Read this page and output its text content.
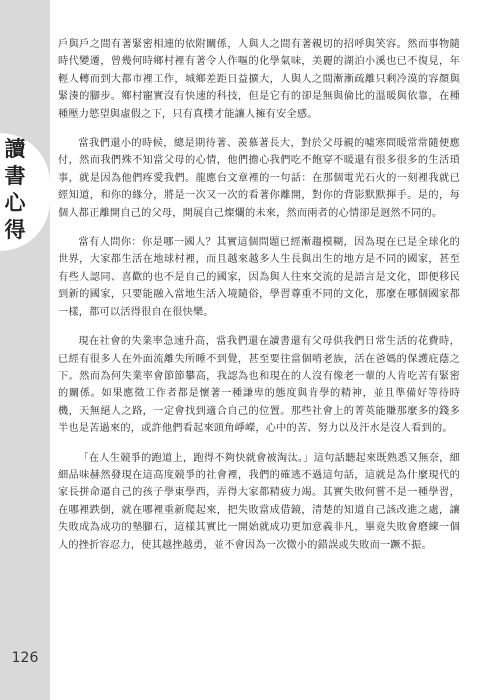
讀
書
心
得
126

戶與戶之間有著緊密相連的依附關係，人與人之間有著親切的招呼與笑容。然而事物隨時代變遷，曾幾何時鄉村裡有著令人作嘔的化學氣味，美麗的湖泊小溪也已不復見，年輕人轉而到大都市裡工作，城鄉差距日益擴大，人與人之間漸漸疏離只剩冷漠的容顏與緊湊的腳步。鄉村寵實沒有快速的科技，但是它有的卻是無與倫比的溫暖與依靠，在種種壓力慾望與虛假之下，只有真樸才能讓人擁有安全感。

當我們還小的時候，總是期待著、羨慕著長大，對於父母親的噓寒問暖常常隨便應付，然而我們殊不知當父母的心情，他們擔心我們吃不飽穿不暖還有很多很多的生活瑣事，就是因為他們疼愛我們。龍應台文章裡的一句話：在那個電光石火的一刻裡我就已經知道，和你的緣分，將是一次又一次的看著你離開，對你的背影默默揮手。是的，每個人都正離開自己的父母，開展自己燦爛的未來，然而兩者的心情卻是迥然不同的。

當有人問你：你是哪一國人？其實這個問題已經漸趨模糊，因為現在已是全球化的世界，大家都生活在地球村裡，而且越來越多人生長與出生的地方是不同的國家，甚至有些人認同、喜歡的也不是自己的國家，因為與人往來交流的是語言是文化，即便移民到新的國家，只要能融入當地生活入境隨俗，學習尊重不同的文化，那麼在哪個國家都一樣，都可以活得很自在很快樂。

現在社會的失業率急速升高，當我們還在讀書還有父母供我們日常生活的花費時，已經有很多人在外面流離失所睡不到覺，甚至要往當個啃老族，活在爸媽的保護庇蔭之下。然而為何失業率會節節攀高，我認為也和現在的人沒有像老一輩的人肯吃苦有緊密的關係。如果應徵工作者都是懷著一種謙卑的態度與肯學的精神，並且準備好等待時機，天無絕人之路，一定會找到適合自己的位置。那些社會上的菁英能賺那麼多的錢多半也是苦過來的，或許他們看起來頭角崢嶸，心中的苦、努力以及汗水是沒人看到的。

「在人生競爭的跑道上，跑得不夠快就會被淘汰。」這句話聽起來既熟悉又無奈，細細品味赫然發現在這高度競爭的社會裡，我們的確逃不過這句話，這就是為什麼現代的家長拼命逼自己的孩子學東學西，弄得大家都精疲力竭。其實失敗何嘗不是一種學習，在哪裡跌倒，就在哪裡重新爬起來，把失敗當成借鏡，清楚的知道自己該改進之處，讓失敗成為成功的墊腳石，這樣其實比一開始就成功更加意義非凡，畢竟失敗會磨練一個人的挫折容忍力，使其越挫越勇，並不會因為一次微小的錯誤或失敗而一蹶不振。
